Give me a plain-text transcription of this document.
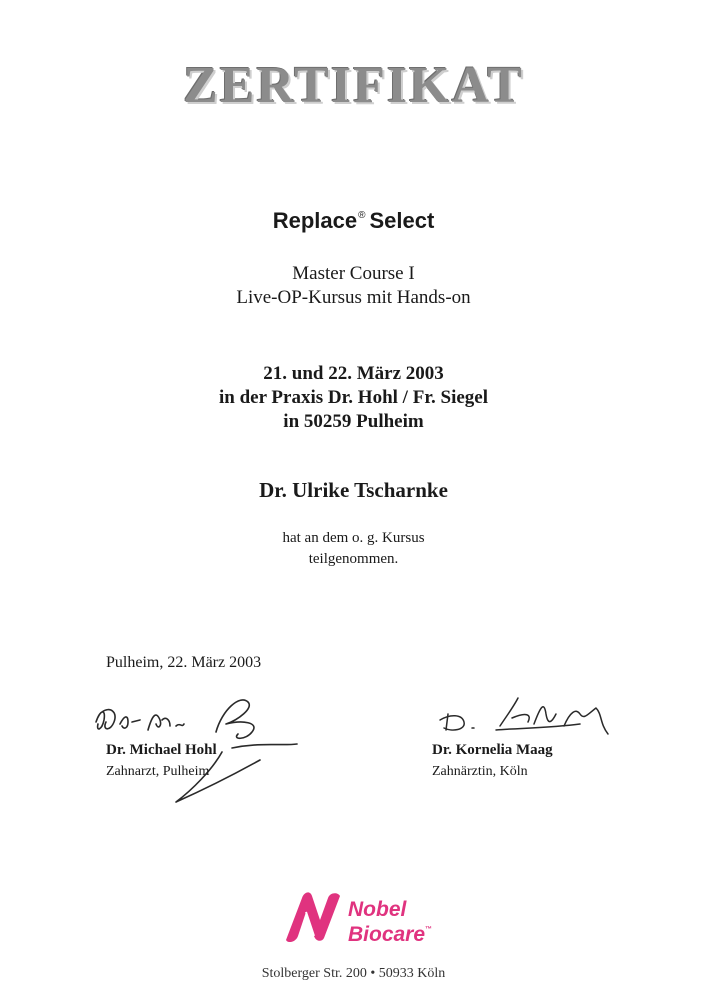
ZERTIFIKAT
Replace® Select
Master Course I
Live-OP-Kursus mit Hands-on
21. und 22. März 2003
in der Praxis Dr. Hohl / Fr. Siegel
in 50259 Pulheim
Dr. Ulrike Tscharnke
hat an dem o. g. Kursus
teilgenommen.
Pulheim, 22. März 2003
Dr. Michael Hohl
Zahnarzt, Pulheim
Dr. Kornelia Maag
Zahnärztin, Köln
Nobel
Biocare™
Stolberger Str. 200 • 50933 Köln
